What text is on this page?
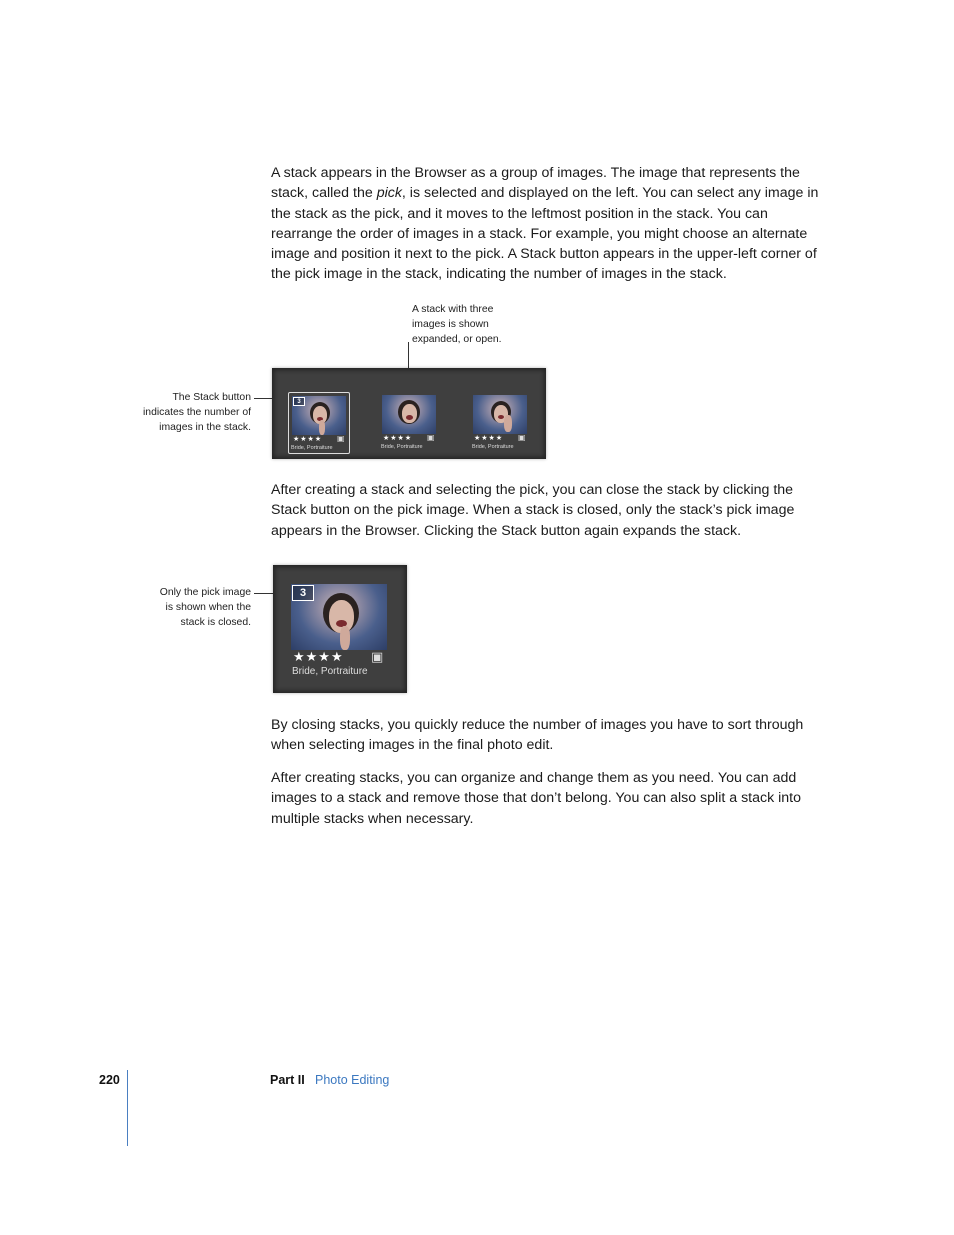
A stack appears in the Browser as a group of images. The image that represents the stack, called the pick, is selected and displayed on the left. You can select any image in the stack as the pick, and it moves to the leftmost position in the stack. You can rearrange the order of images in a stack. For example, you might choose an alternate image and position it next to the pick. A Stack button appears in the upper-left corner of the pick image in the stack, indicating the number of images in the stack.

A stack with three
images is shown
expanded, or open.
The Stack button
indicates the number of
images in the stack.
3
★★★★ ▣
Bride, Portraiture
★★★★ ▣
Bride, Portraiture
★★★★ ▣
Bride, Portraiture

After creating a stack and selecting the pick, you can close the stack by clicking the Stack button on the pick image. When a stack is closed, only the stack’s pick image appears in the Browser. Clicking the Stack button again expands the stack.

Only the pick image
is shown when the
stack is closed.
3
★★★★ ▣
Bride, Portraiture

By closing stacks, you quickly reduce the number of images you have to sort through when selecting images in the final photo edit.

After creating stacks, you can organize and change them as you need. You can add images to a stack and remove those that don’t belong. You can also split a stack into multiple stacks when necessary.

220	Part II Photo Editing
